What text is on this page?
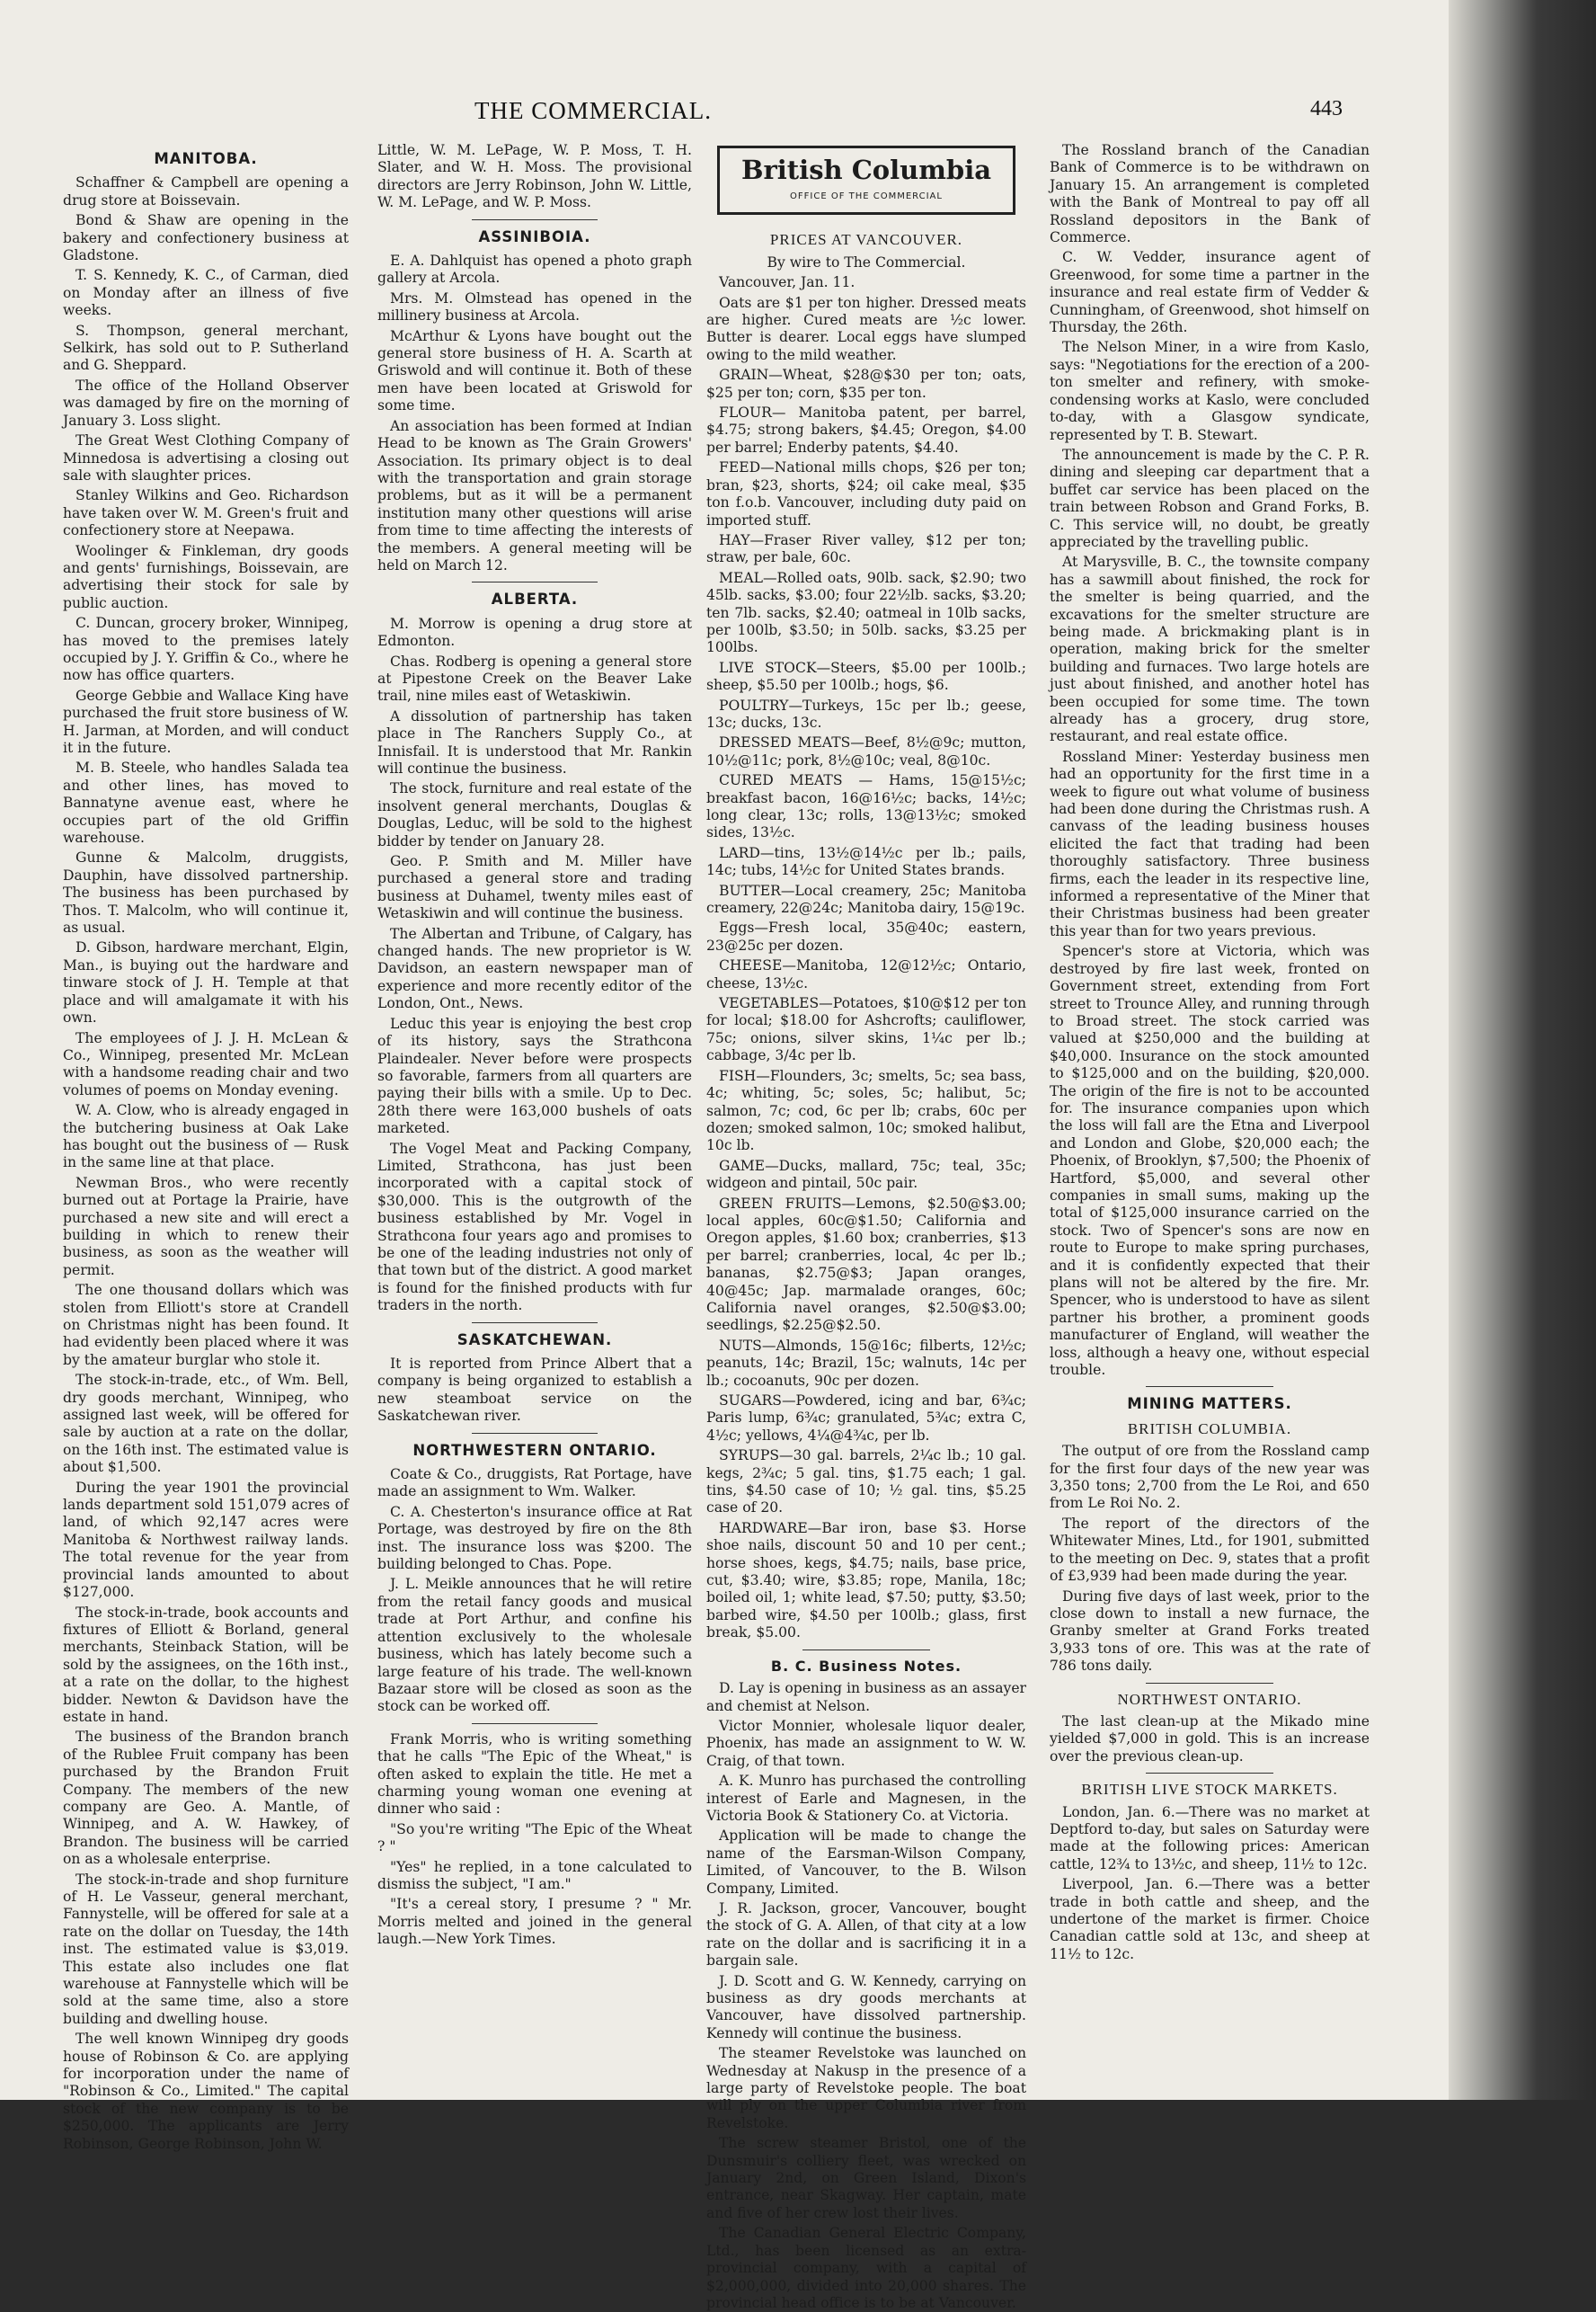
THE COMMERCIAL.	443
MANITOBA.

Schaffner & Campbell are opening a drug store at Boissevain.

Bond & Shaw are opening in the bakery and confectionery business at Gladstone.

T. S. Kennedy, K. C., of Carman, died on Monday after an illness of five weeks.

S. Thompson, general merchant, Selkirk, has sold out to P. Sutherland and G. Sheppard.

The office of the Holland Observer was damaged by fire on the morning of January 3. Loss slight.

The Great West Clothing Company of Minnedosa is advertising a closing out sale with slaughter prices.

Stanley Wilkins and Geo. Richardson have taken over W. M. Green's fruit and confectionery store at Neepawa.

Woolinger & Finkleman, dry goods and gents' furnishings, Boissevain, are advertising their stock for sale by public auction.

C. Duncan, grocery broker, Winnipeg, has moved to the premises lately occupied by J. Y. Griffin & Co., where he now has office quarters.

George Gebbie and Wallace King have purchased the fruit store business of W. H. Jarman, at Morden, and will conduct it in the future.

M. B. Steele, who handles Salada tea and other lines, has moved to Bannatyne avenue east, where he occupies part of the old Griffin warehouse.

Gunne & Malcolm, druggists, Dauphin, have dissolved partnership. The business has been purchased by Thos. T. Malcolm, who will continue it, as usual.

D. Gibson, hardware merchant, Elgin, Man., is buying out the hardware and tinware stock of J. H. Temple at that place and will amalgamate it with his own.

The employees of J. J. H. McLean & Co., Winnipeg, presented Mr. McLean with a handsome reading chair and two volumes of poems on Monday evening.

W. A. Clow, who is already engaged in the butchering business at Oak Lake has bought out the business of — Rusk in the same line at that place.

Newman Bros., who were recently burned out at Portage la Prairie, have purchased a new site and will erect a building in which to renew their business, as soon as the weather will permit.

The one thousand dollars which was stolen from Elliott's store at Crandell on Christmas night has been found. It had evidently been placed where it was by the amateur burglar who stole it.

The stock-in-trade, etc., of Wm. Bell, dry goods merchant, Winnipeg, who assigned last week, will be offered for sale by auction at a rate on the dollar, on the 16th inst. The estimated value is about $1,500.

During the year 1901 the provincial lands department sold 151,079 acres of land, of which 92,147 acres were Manitoba & Northwest railway lands. The total revenue for the year from provincial lands amounted to about $127,000.

The stock-in-trade, book accounts and fixtures of Elliott & Borland, general merchants, Steinback Station, will be sold by the assignees, on the 16th inst., at a rate on the dollar, to the highest bidder. Newton & Davidson have the estate in hand.

The business of the Brandon branch of the Rublee Fruit company has been purchased by the Brandon Fruit Company. The members of the new company are Geo. A. Mantle, of Winnipeg, and A. W. Hawkey, of Brandon. The business will be carried on as a wholesale enterprise.

The stock-in-trade and shop furniture of H. Le Vasseur, general merchant, Fannystelle, will be offered for sale at a rate on the dollar on Tuesday, the 14th inst. The estimated value is $3,019. This estate also includes one flat warehouse at Fannystelle which will be sold at the same time, also a store building and dwelling house.

The well known Winnipeg dry goods house of Robinson & Co. are applying for incorporation under the name of "Robinson & Co., Limited." The capital stock of the new company is to be $250,000. The applicants are Jerry Robinson, George Robinson, John W.

Little, W. M. LePage, W. P. Moss, T. H. Slater, and W. H. Moss. The provisional directors are Jerry Robinson, John W. Little, W. M. LePage, and W. P. Moss.

ASSINIBOIA.

E. A. Dahlquist has opened a photo graph gallery at Arcola.

Mrs. M. Olmstead has opened in the millinery business at Arcola.

McArthur & Lyons have bought out the general store business of H. A. Scarth at Griswold and will continue it. Both of these men have been located at Griswold for some time.

An association has been formed at Indian Head to be known as The Grain Growers' Association. Its primary object is to deal with the transportation and grain storage problems, but as it will be a permanent institution many other questions will arise from time to time affecting the interests of the members. A general meeting will be held on March 12.

ALBERTA.

M. Morrow is opening a drug store at Edmonton.

Chas. Rodberg is opening a general store at Pipestone Creek on the Beaver Lake trail, nine miles east of Wetaskiwin.

A dissolution of partnership has taken place in The Ranchers Supply Co., at Innisfail. It is understood that Mr. Rankin will continue the business.

The stock, furniture and real estate of the insolvent general merchants, Douglas & Douglas, Leduc, will be sold to the highest bidder by tender on January 28.

Geo. P. Smith and M. Miller have purchased a general store and trading business at Duhamel, twenty miles east of Wetaskiwin and will continue the business.

The Albertan and Tribune, of Calgary, has changed hands. The new proprietor is W. Davidson, an eastern newspaper man of experience and more recently editor of the London, Ont., News.

Leduc this year is enjoying the best crop of its history, says the Strathcona Plaindealer. Never before were prospects so favorable, farmers from all quarters are paying their bills with a smile. Up to Dec. 28th there were 163,000 bushels of oats marketed.

The Vogel Meat and Packing Company, Limited, Strathcona, has just been incorporated with a capital stock of $30,000. This is the outgrowth of the business established by Mr. Vogel in Strathcona four years ago and promises to be one of the leading industries not only of that town but of the district. A good market is found for the finished products with fur traders in the north.

SASKATCHEWAN.

It is reported from Prince Albert that a company is being organized to establish a new steamboat service on the Saskatchewan river.

NORTHWESTERN ONTARIO.

Coate & Co., druggists, Rat Portage, have made an assignment to Wm. Walker.

C. A. Chesterton's insurance office at Rat Portage, was destroyed by fire on the 8th inst. The insurance loss was $200. The building belonged to Chas. Pope.

J. L. Meikle announces that he will retire from the retail fancy goods and musical trade at Port Arthur, and confine his attention exclusively to the wholesale business, which has lately become such a large feature of his trade. The well-known Bazaar store will be closed as soon as the stock can be worked off.

Frank Morris, who is writing something that he calls "The Epic of the Wheat," is often asked to explain the title. He met a charming young woman one evening at dinner who said :

"So you're writing "The Epic of the Wheat ? "

"Yes" he replied, in a tone calculated to dismiss the subject, "I am."

"It's a cereal story, I presume ? " Mr. Morris melted and joined in the general laugh.—New York Times.

British Columbia
OFFICE OF THE COMMERCIAL
PRICES AT VANCOUVER.

By wire to The Commercial.

Vancouver, Jan. 11.

Oats are $1 per ton higher. Dressed meats are higher. Cured meats are ½c lower. Butter is dearer. Local eggs have slumped owing to the mild weather.

GRAIN—Wheat, $28@$30 per ton; oats, $25 per ton; corn, $35 per ton.

FLOUR— Manitoba patent, per barrel, $4.75; strong bakers, $4.45; Oregon, $4.00 per barrel; Enderby patents, $4.40.

FEED—National mills chops, $26 per ton; bran, $23, shorts, $24; oil cake meal, $35 ton f.o.b. Vancouver, including duty paid on imported stuff.

HAY—Fraser River valley, $12 per ton; straw, per bale, 60c.

MEAL—Rolled oats, 90lb. sack, $2.90; two 45lb. sacks, $3.00; four 22½lb. sacks, $3.20; ten 7lb. sacks, $2.40; oatmeal in 10lb sacks, per 100lb, $3.50; in 50lb. sacks, $3.25 per 100lbs.

LIVE STOCK—Steers, $5.00 per 100lb.; sheep, $5.50 per 100lb.; hogs, $6.

POULTRY—Turkeys, 15c per lb.; geese, 13c; ducks, 13c.

DRESSED MEATS—Beef, 8½@9c; mutton, 10½@11c; pork, 8½@10c; veal, 8@10c.

CURED MEATS — Hams, 15@15½c; breakfast bacon, 16@16½c; backs, 14½c; long clear, 13c; rolls, 13@13½c; smoked sides, 13½c.

LARD—tins, 13½@14½c per lb.; pails, 14c; tubs, 14½c for United States brands.

BUTTER—Local creamery, 25c; Manitoba creamery, 22@24c; Manitoba dairy, 15@19c.

Eggs—Fresh local, 35@40c; eastern, 23@25c per dozen.

CHEESE—Manitoba, 12@12½c; Ontario, cheese, 13½c.

VEGETABLES—Potatoes, $10@$12 per ton for local; $18.00 for Ashcrofts; cauliflower, 75c; onions, silver skins, 1¼c per lb.; cabbage, 3/4c per lb.

FISH—Flounders, 3c; smelts, 5c; sea bass, 4c; whiting, 5c; soles, 5c; halibut, 5c; salmon, 7c; cod, 6c per lb; crabs, 60c per dozen; smoked salmon, 10c; smoked halibut, 10c lb.

GAME—Ducks, mallard, 75c; teal, 35c; widgeon and pintail, 50c pair.

GREEN FRUITS—Lemons, $2.50@$3.00; local apples, 60c@$1.50; California and Oregon apples, $1.60 box; cranberries, $13 per barrel; cranberries, local, 4c per lb.; bananas, $2.75@$3; Japan oranges, 40@45c; Jap. marmalade oranges, 60c; California navel oranges, $2.50@$3.00; seedlings, $2.25@$2.50.

NUTS—Almonds, 15@16c; filberts, 12½c; peanuts, 14c; Brazil, 15c; walnuts, 14c per lb.; cocoanuts, 90c per dozen.

SUGARS—Powdered, icing and bar, 6¾c; Paris lump, 6¾c; granulated, 5¾c; extra C, 4½c; yellows, 4¼@4¾c, per lb.

SYRUPS—30 gal. barrels, 2¼c lb.; 10 gal. kegs, 2¾c; 5 gal. tins, $1.75 each; 1 gal. tins, $4.50 case of 10; ½ gal. tins, $5.25 case of 20.

HARDWARE—Bar iron, base $3. Horse shoe nails, discount 50 and 10 per cent.; horse shoes, kegs, $4.75; nails, base price, cut, $3.40; wire, $3.85; rope, Manila, 18c; boiled oil, 1; white lead, $7.50; putty, $3.50; barbed wire, $4.50 per 100lb.; glass, first break, $5.00.

B. C. Business Notes.

D. Lay is opening in business as an assayer and chemist at Nelson.

Victor Monnier, wholesale liquor dealer, Phoenix, has made an assignment to W. W. Craig, of that town.

A. K. Munro has purchased the controlling interest of Earle and Magnesen, in the Victoria Book & Stationery Co. at Victoria.

Application will be made to change the name of the Earsman-Wilson Company, Limited, of Vancouver, to the B. Wilson Company, Limited.

J. R. Jackson, grocer, Vancouver, bought the stock of G. A. Allen, of that city at a low rate on the dollar and is sacrificing it in a bargain sale.

J. D. Scott and G. W. Kennedy, carrying on business as dry goods merchants at Vancouver, have dissolved partnership. Kennedy will continue the business.

The steamer Revelstoke was launched on Wednesday at Nakusp in the presence of a large party of Revelstoke people. The boat will ply on the upper Columbia river from Revelstoke.

The screw steamer Bristol, one of the Dunsmuir's colliery fleet, was wrecked on January 2nd, on Green Island, Dixon's entrance, near Skagway. Her captain, mate and five of her crew lost their lives.

The Canadian General Electric Company, Ltd., has been licensed as an extra-provincial company, with a capital of $2,000,000, divided into 20,000 shares. The provincial head office is to be at Vancouver.

The Rossland branch of the Canadian Bank of Commerce is to be withdrawn on January 15. An arrangement is completed with the Bank of Montreal to pay off all Rossland depositors in the Bank of Commerce.

C. W. Vedder, insurance agent of Greenwood, for some time a partner in the insurance and real estate firm of Vedder & Cunningham, of Greenwood, shot himself on Thursday, the 26th.

The Nelson Miner, in a wire from Kaslo, says: "Negotiations for the erection of a 200-ton smelter and refinery, with smoke-condensing works at Kaslo, were concluded to-day, with a Glasgow syndicate, represented by T. B. Stewart.

The announcement is made by the C. P. R. dining and sleeping car department that a buffet car service has been placed on the train between Robson and Grand Forks, B. C. This service will, no doubt, be greatly appreciated by the travelling public.

At Marysville, B. C., the townsite company has a sawmill about finished, the rock for the smelter is being quarried, and the excavations for the smelter structure are being made. A brickmaking plant is in operation, making brick for the smelter building and furnaces. Two large hotels are just about finished, and another hotel has been occupied for some time. The town already has a grocery, drug store, restaurant, and real estate office.

Rossland Miner: Yesterday business men had an opportunity for the first time in a week to figure out what volume of business had been done during the Christmas rush. A canvass of the leading business houses elicited the fact that trading had been thoroughly satisfactory. Three business firms, each the leader in its respective line, informed a representative of the Miner that their Christmas business had been greater this year than for two years previous.

Spencer's store at Victoria, which was destroyed by fire last week, fronted on Government street, extending from Fort street to Trounce Alley, and running through to Broad street. The stock carried was valued at $250,000 and the building at $40,000. Insurance on the stock amounted to $125,000 and on the building, $20,000. The origin of the fire is not to be accounted for. The insurance companies upon which the loss will fall are the Etna and Liverpool and London and Globe, $20,000 each; the Phoenix, of Brooklyn, $7,500; the Phoenix of Hartford, $5,000, and several other companies in small sums, making up the total of $125,000 insurance carried on the stock. Two of Spencer's sons are now en route to Europe to make spring purchases, and it is confidently expected that their plans will not be altered by the fire. Mr. Spencer, who is understood to have as silent partner his brother, a prominent goods manufacturer of England, will weather the loss, although a heavy one, without especial trouble.

MINING MATTERS.
BRITISH COLUMBIA.

The output of ore from the Rossland camp for the first four days of the new year was 3,350 tons; 2,700 from the Le Roi, and 650 from Le Roi No. 2.

The report of the directors of the Whitewater Mines, Ltd., for 1901, submitted to the meeting on Dec. 9, states that a profit of £3,939 had been made during the year.

During five days of last week, prior to the close down to install a new furnace, the Granby smelter at Grand Forks treated 3,933 tons of ore. This was at the rate of 786 tons daily.

NORTHWEST ONTARIO.

The last clean-up at the Mikado mine yielded $7,000 in gold. This is an increase over the previous clean-up.

BRITISH LIVE STOCK MARKETS.

London, Jan. 6.—There was no market at Deptford to-day, but sales on Saturday were made at the following prices: American cattle, 12¾ to 13½c, and sheep, 11½ to 12c.

Liverpool, Jan. 6.—There was a better trade in both cattle and sheep, and the undertone of the market is firmer. Choice Canadian cattle sold at 13c, and sheep at 11½ to 12c.
